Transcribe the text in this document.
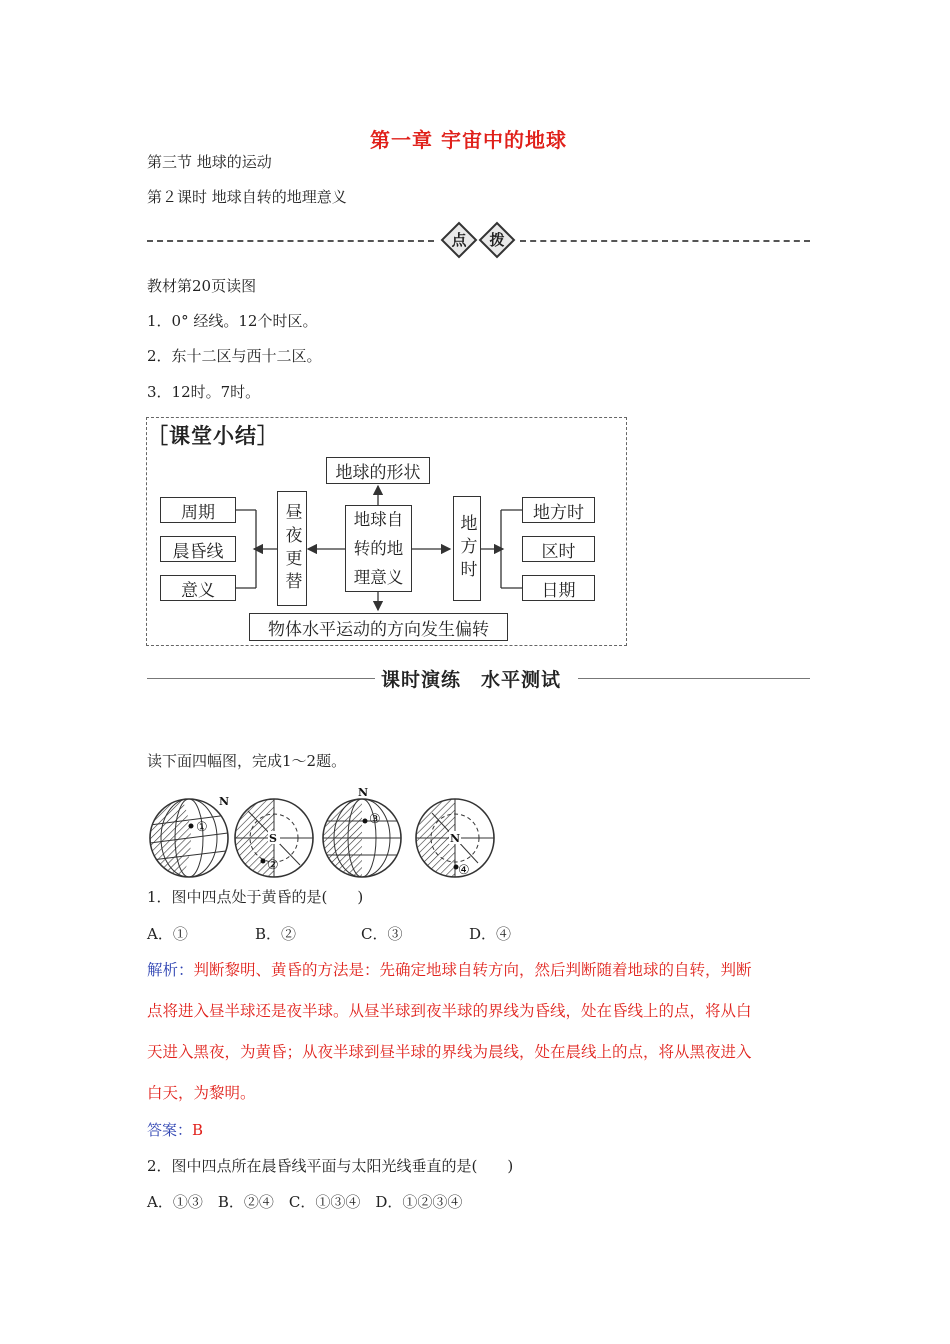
第一章 宇宙中的地球
第三节 地球的运动
第２课时 地球自转的地理意义
点	拨
教材第20页读图
1．0° 经线。12个时区。
2．东十二区与西十二区。
3．12时。7时。
［课堂小结］
地球的形状
地球自转的地理意义
物体水平运动的方向发生偏转
昼夜更替
周期
晨昏线
意义
地方时
地方时
区时
日期
课时演练　水平测试
读下面四幅图，完成1～2题。
N
①
S
②
N
③
N
④
1．图中四点处于黄昏的是(　　)
A．①	B．②	C．③	D．④
解析：判断黎明、黄昏的方法是：先确定地球自转方向，然后判断随着地球的自转，判断
点将进入昼半球还是夜半球。从昼半球到夜半球的界线为昏线，处在昏线上的点，将从白
天进入黑夜，为黄昏；从夜半球到昼半球的界线为晨线，处在晨线上的点，将从黑夜进入
白天，为黎明。
答案：B
2．图中四点所在晨昏线平面与太阳光线垂直的是(　　)
A．①③　B．②④　C．①③④　D．①②③④
